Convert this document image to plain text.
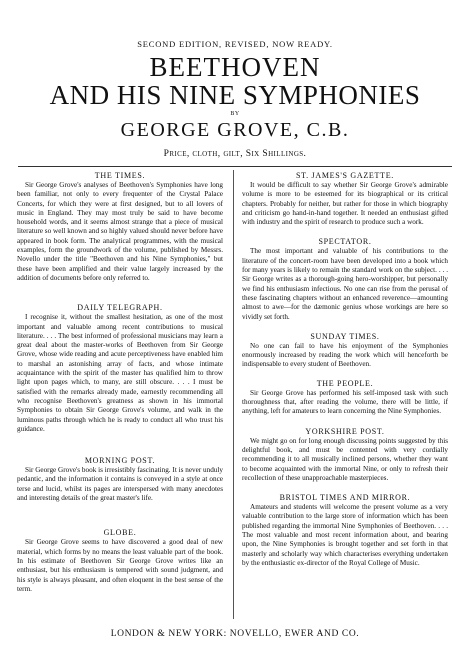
SECOND EDITION, REVISED, NOW READY.
BEETHOVEN
AND HIS NINE SYMPHONIES
BY
GEORGE GROVE, C.B.
Price, cloth, gilt, Six Shillings.
THE TIMES.

Sir George Grove's analyses of Beethoven's Symphonies have long been familiar, not only to every frequenter of the Crystal Palace Concerts, for which they were at first designed, but to all lovers of music in England. They may most truly be said to have become household words, and it seems almost strange that a piece of musical literature so well known and so highly valued should never before have appeared in book form. The analytical programmes, with the musical examples, form the groundwork of the volume, published by Messrs. Novello under the title "Beethoven and his Nine Symphonies," but these have been amplified and their value largely increased by the addition of documents before only referred to.

DAILY TELEGRAPH.

I recognise it, without the smallest hesitation, as one of the most important and valuable among recent contributions to musical literature. . . . The best informed of professional musicians may learn a great deal about the master-works of Beethoven from Sir George Grove, whose wide reading and acute perceptiveness have enabled him to marshal an astonishing array of facts, and whose intimate acquaintance with the spirit of the master has qualified him to throw light upon pages which, to many, are still obscure. . . . I must be satisfied with the remarks already made, earnestly recommending all who recognise Beethoven's greatness as shown in his immortal Symphonies to obtain Sir George Grove's volume, and walk in the luminous paths through which he is ready to conduct all who trust his guidance.

MORNING POST.

Sir George Grove's book is irresistibly fascinating. It is never unduly pedantic, and the information it contains is conveyed in a style at once terse and lucid, whilst its pages are interspersed with many anecdotes and interesting details of the great master's life.

GLOBE.

Sir George Grove seems to have discovered a good deal of new material, which forms by no means the least valuable part of the book. In his estimate of Beethoven Sir George Grove writes like an enthusiast, but his enthusiasm is tempered with sound judgment, and his style is always pleasant, and often eloquent in the best sense of the term.

ST. JAMES'S GAZETTE.

It would be difficult to say whether Sir George Grove's admirable volume is more to be esteemed for its biographical or its critical chapters. Probably for neither, but rather for those in which biography and criticism go hand-in-hand together. It needed an enthusiast gifted with industry and the spirit of research to produce such a work.

SPECTATOR.

The most important and valuable of his contributions to the literature of the concert-room have been developed into a book which for many years is likely to remain the standard work on the subject. . . . Sir George writes as a thorough-going hero-worshipper, but personally we find his enthusiasm infectious. No one can rise from the perusal of these fascinating chapters without an enhanced reverence—amounting almost to awe—for the dæmonic genius whose workings are here so vividly set forth.

SUNDAY TIMES.

No one can fail to have his enjoyment of the Symphonies enormously increased by reading the work which will henceforth be indispensable to every student of Beethoven.

THE PEOPLE.

Sir George Grove has performed his self-imposed task with such thoroughness that, after reading the volume, there will be little, if anything, left for amateurs to learn concerning the Nine Symphonies.

YORKSHIRE POST.

We might go on for long enough discussing points suggested by this delightful book, and must be contented with very cordially recommending it to all musically inclined persons, whether they want to become acquainted with the immortal Nine, or only to refresh their recollection of these unapproachable masterpieces.

BRISTOL TIMES AND MIRROR.

Amateurs and students will welcome the present volume as a very valuable contribution to the large store of information which has been published regarding the immortal Nine Symphonies of Beethoven. . . . The most valuable and most recent information about, and bearing upon, the Nine Symphonies is brought together and set forth in that masterly and scholarly way which characterises everything undertaken by the enthusiastic ex-director of the Royal College of Music.

LONDON & NEW YORK: NOVELLO, EWER AND CO.
